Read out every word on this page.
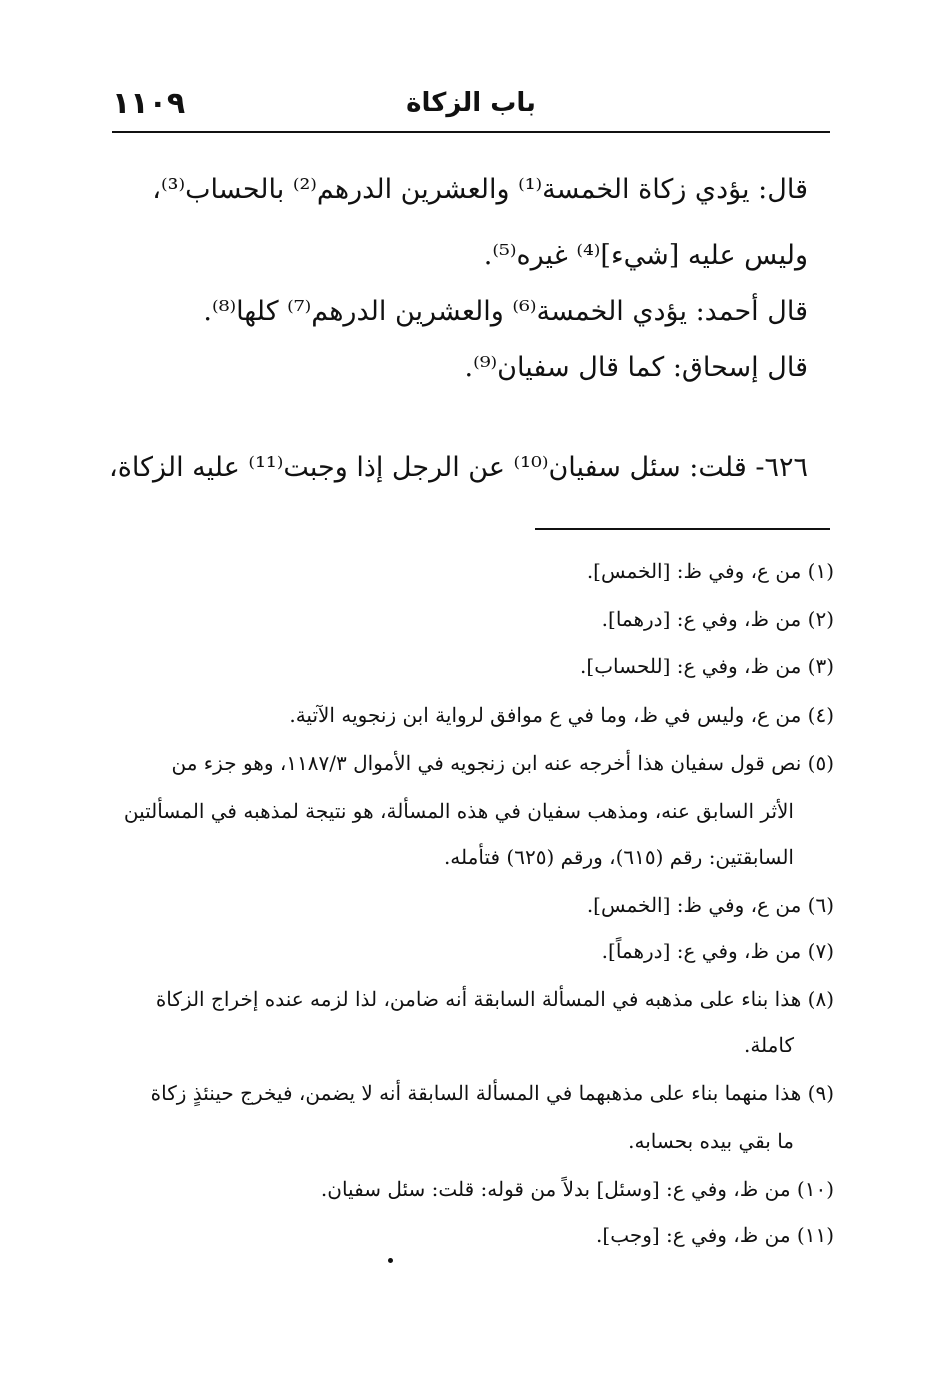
١١٠٩	باب الزكاة
قال: يؤدي زكاة الخمسة⁽¹⁾ والعشرين الدرهم⁽²⁾ بالحساب⁽³⁾،
وليس عليه [شيء]⁽⁴⁾ غيره⁽⁵⁾.
قال أحمد: يؤدي الخمسة⁽⁶⁾ والعشرين الدرهم⁽⁷⁾ كلها⁽⁸⁾.
قال إسحاق: كما قال سفيان⁽⁹⁾.
٦٢٦- قلت: سئل سفيان⁽¹⁰⁾ عن الرجل إذا وجبت⁽¹¹⁾ عليه الزكاة،
(١) من ع، وفي ظ: [الخمس].
(٢) من ظ، وفي ع: [درهما].
(٣) من ظ، وفي ع: [للحساب].
(٤) من ع، وليس في ظ، وما في ع موافق لرواية ابن زنجويه الآتية.
(٥) نص قول سفيان هذا أخرجه عنه ابن زنجويه في الأموال ١١٨٧/٣، وهو جزء من
الأثر السابق عنه، ومذهب سفيان في هذه المسألة، هو نتيجة لمذهبه في المسألتين
السابقتين: رقم (٦١٥)، ورقم (٦٢٥) فتأمله.
(٦) من ع، وفي ظ: [الخمس].
(٧) من ظ، وفي ع: [درهماً].
(٨) هذا بناء على مذهبه في المسألة السابقة أنه ضامن، لذا لزمه عنده إخراج الزكاة
كاملة.
(٩) هذا منهما بناء على مذهبهما في المسألة السابقة أنه لا يضمن، فيخرج حينئذٍ زكاة
ما بقي بيده بحسابه.
(١٠) من ظ، وفي ع: [وسئل] بدلاً من قوله: قلت: سئل سفيان.
(١١) من ظ، وفي ع: [وجب].
